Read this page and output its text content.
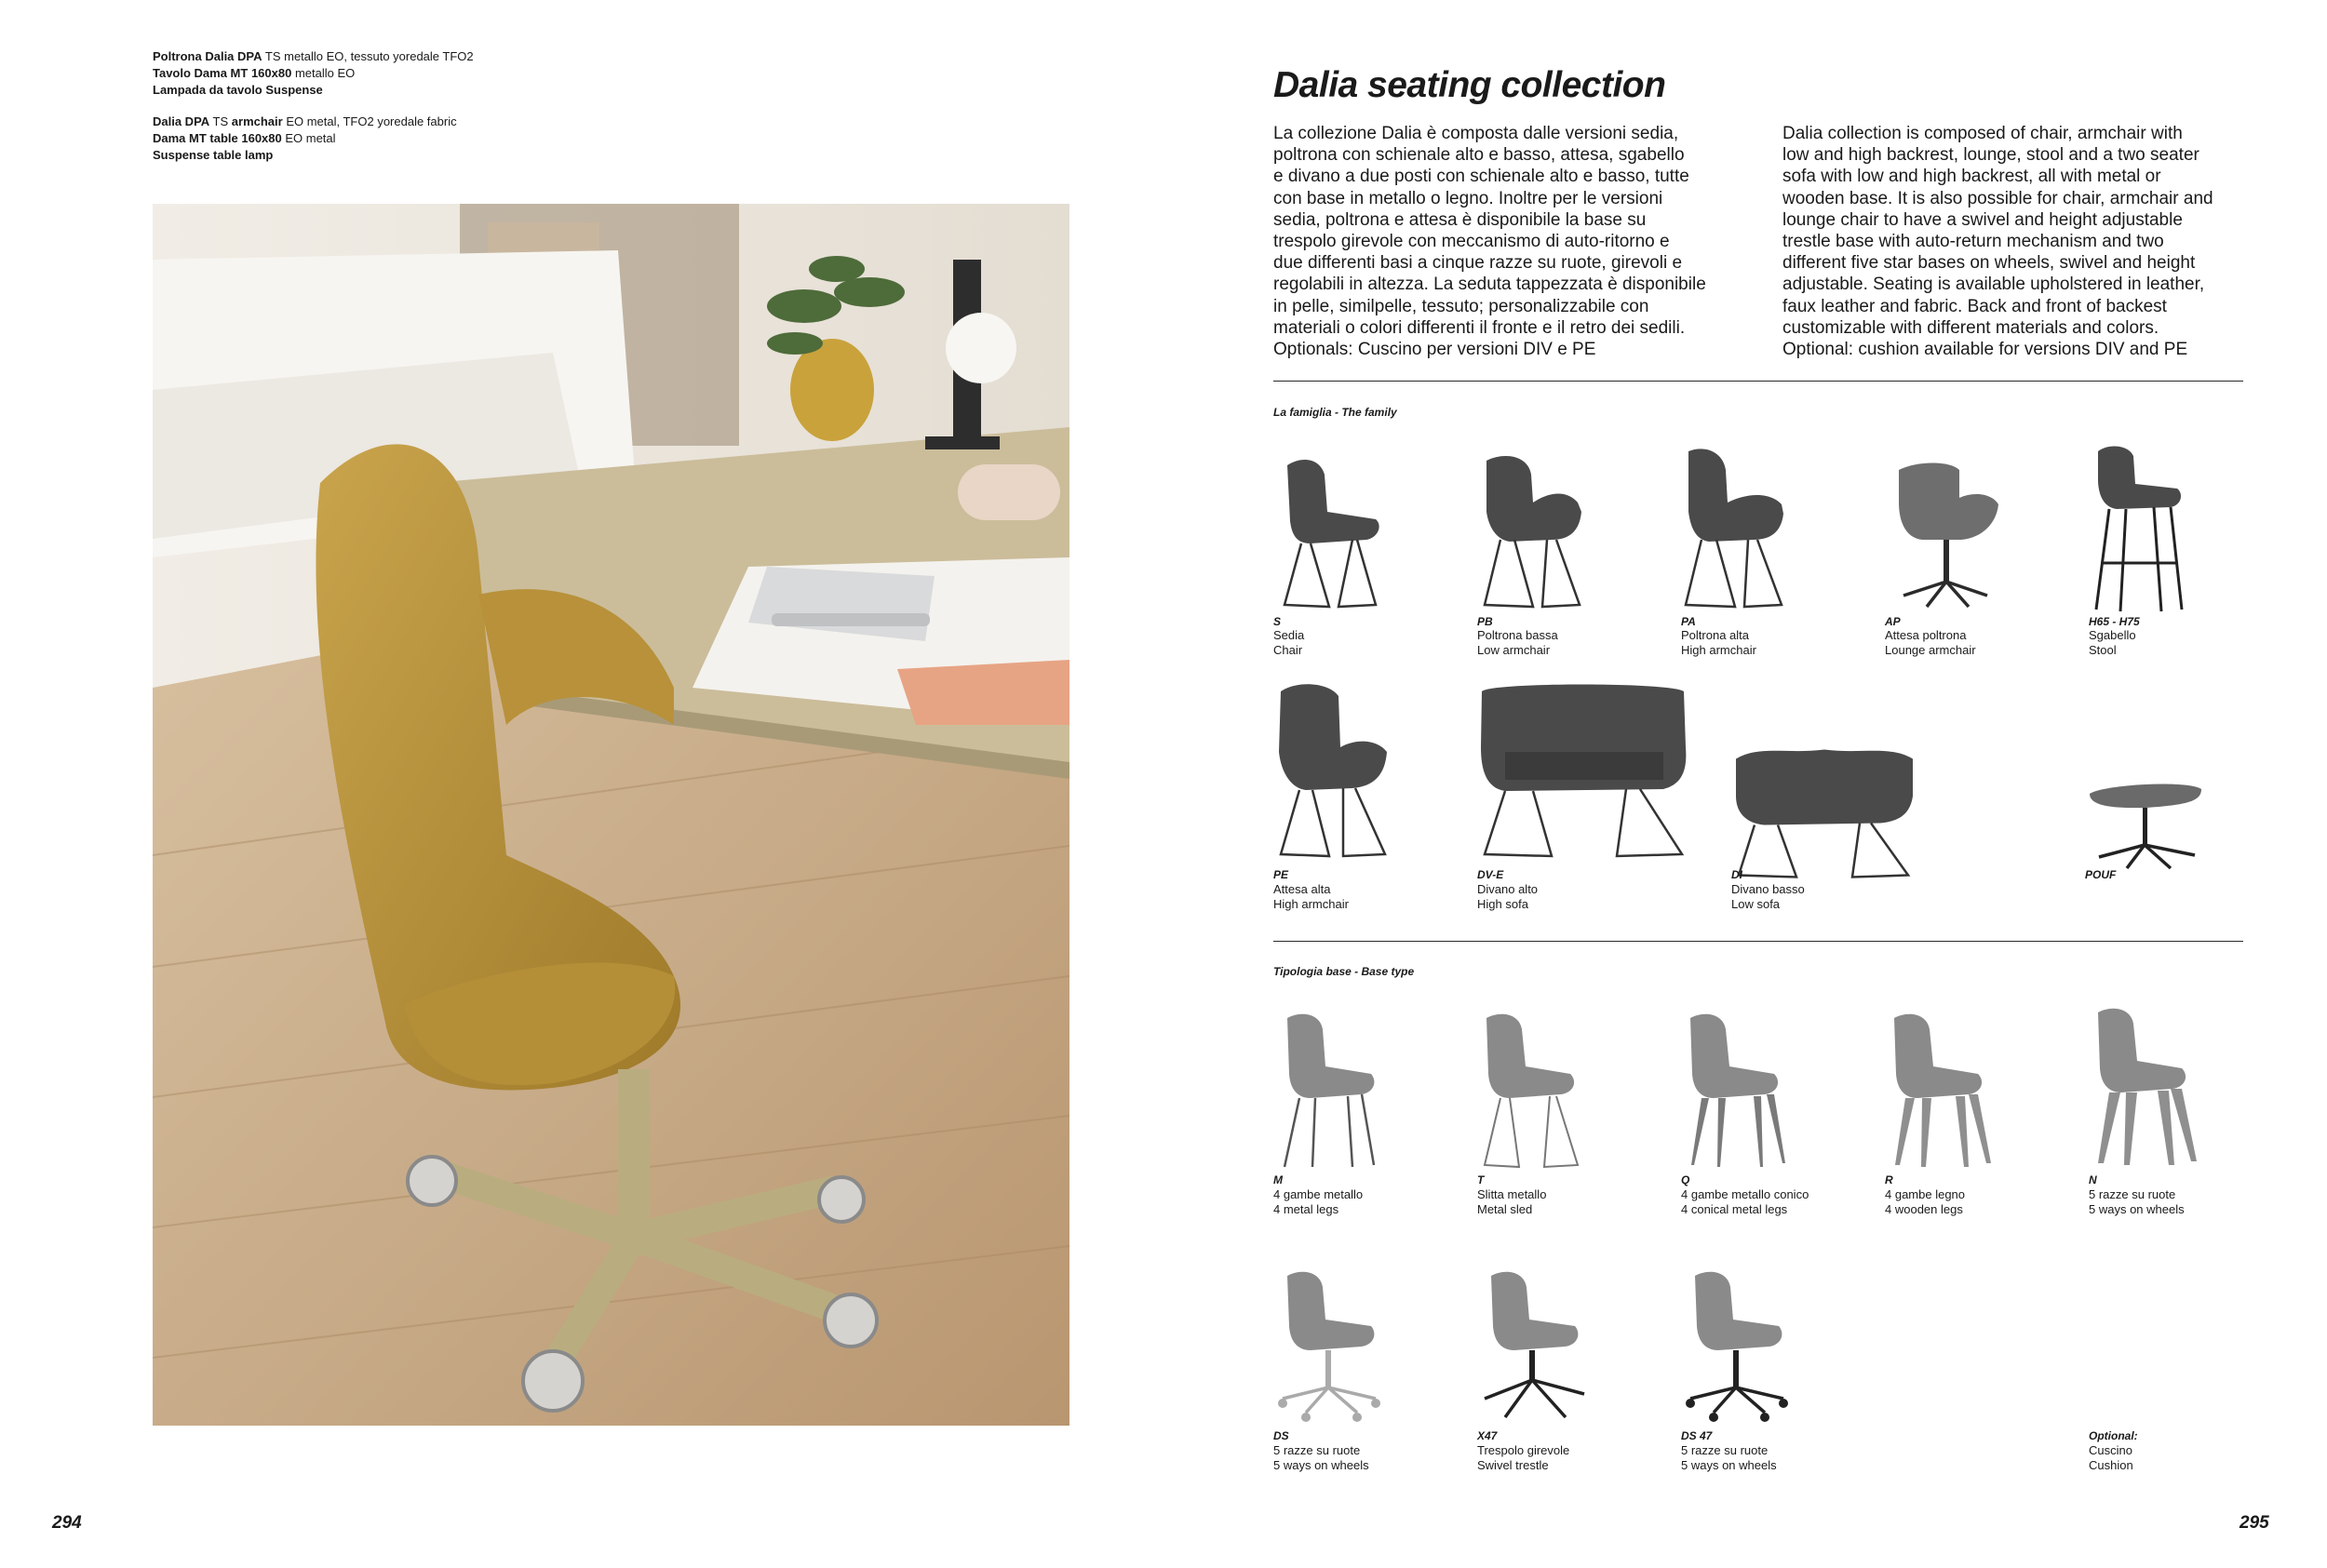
Poltrona Dalia DPA TS metallo EO, tessuto yoredale TFO2
Tavolo Dama MT 160x80 metallo EO
Lampada da tavolo Suspense
Dalia DPA TS armchair EO metal, TFO2 yoredale fabric
Dama MT table 160x80 EO metal
Suspense table lamp
294
Dalia seating collection
La collezione Dalia è composta dalle versioni sedia,
poltrona con schienale alto e basso, attesa, sgabello
e divano a due posti con schienale alto e basso, tutte
con base in metallo o legno. Inoltre per le versioni
sedia, poltrona e attesa è disponibile la base su
trespolo girevole con meccanismo di auto-ritorno e
due differenti basi a cinque razze su ruote, girevoli e
regolabili in altezza. La seduta tappezzata è disponibile
in pelle, similpelle, tessuto; personalizzabile con
materiali o colori differenti il fronte e il retro dei sedili.
Optionals: Cuscino per versioni DIV e PE
Dalia collection is composed of chair, armchair with
low and high backrest, lounge, stool and a two seater
sofa with low and high backrest, all with metal or
wooden base. It is also possible for chair, armchair and
lounge chair to have a swivel and height adjustable
trestle base with auto-return mechanism and two
different five star bases on wheels, swivel and height
adjustable. Seating is available upholstered in leather,
faux leather and fabric. Back and front of backest
customizable with different materials and colors.
Optional: cushion available for versions DIV and PE
La famiglia - The family
S
Sedia
Chair
PB
Poltrona bassa
Low armchair
PA
Poltrona alta
High armchair
AP
Attesa poltrona
Lounge armchair
H65 - H75
Sgabello
Stool
PE
Attesa alta
High armchair
DV-E
Divano alto
High sofa
DI
Divano basso
Low sofa
POUF
Tipologia base - Base type
M
4 gambe metallo
4 metal legs
T
Slitta metallo
Metal sled
Q
4 gambe metallo conico
4 conical metal legs
R
4 gambe legno
4 wooden legs
N
5 razze su ruote
5 ways on wheels
DS
5 razze su ruote
5 ways on wheels
X47
Trespolo girevole
Swivel trestle
DS 47
5 razze su ruote
5 ways on wheels
Optional:
Cuscino
Cushion
295
